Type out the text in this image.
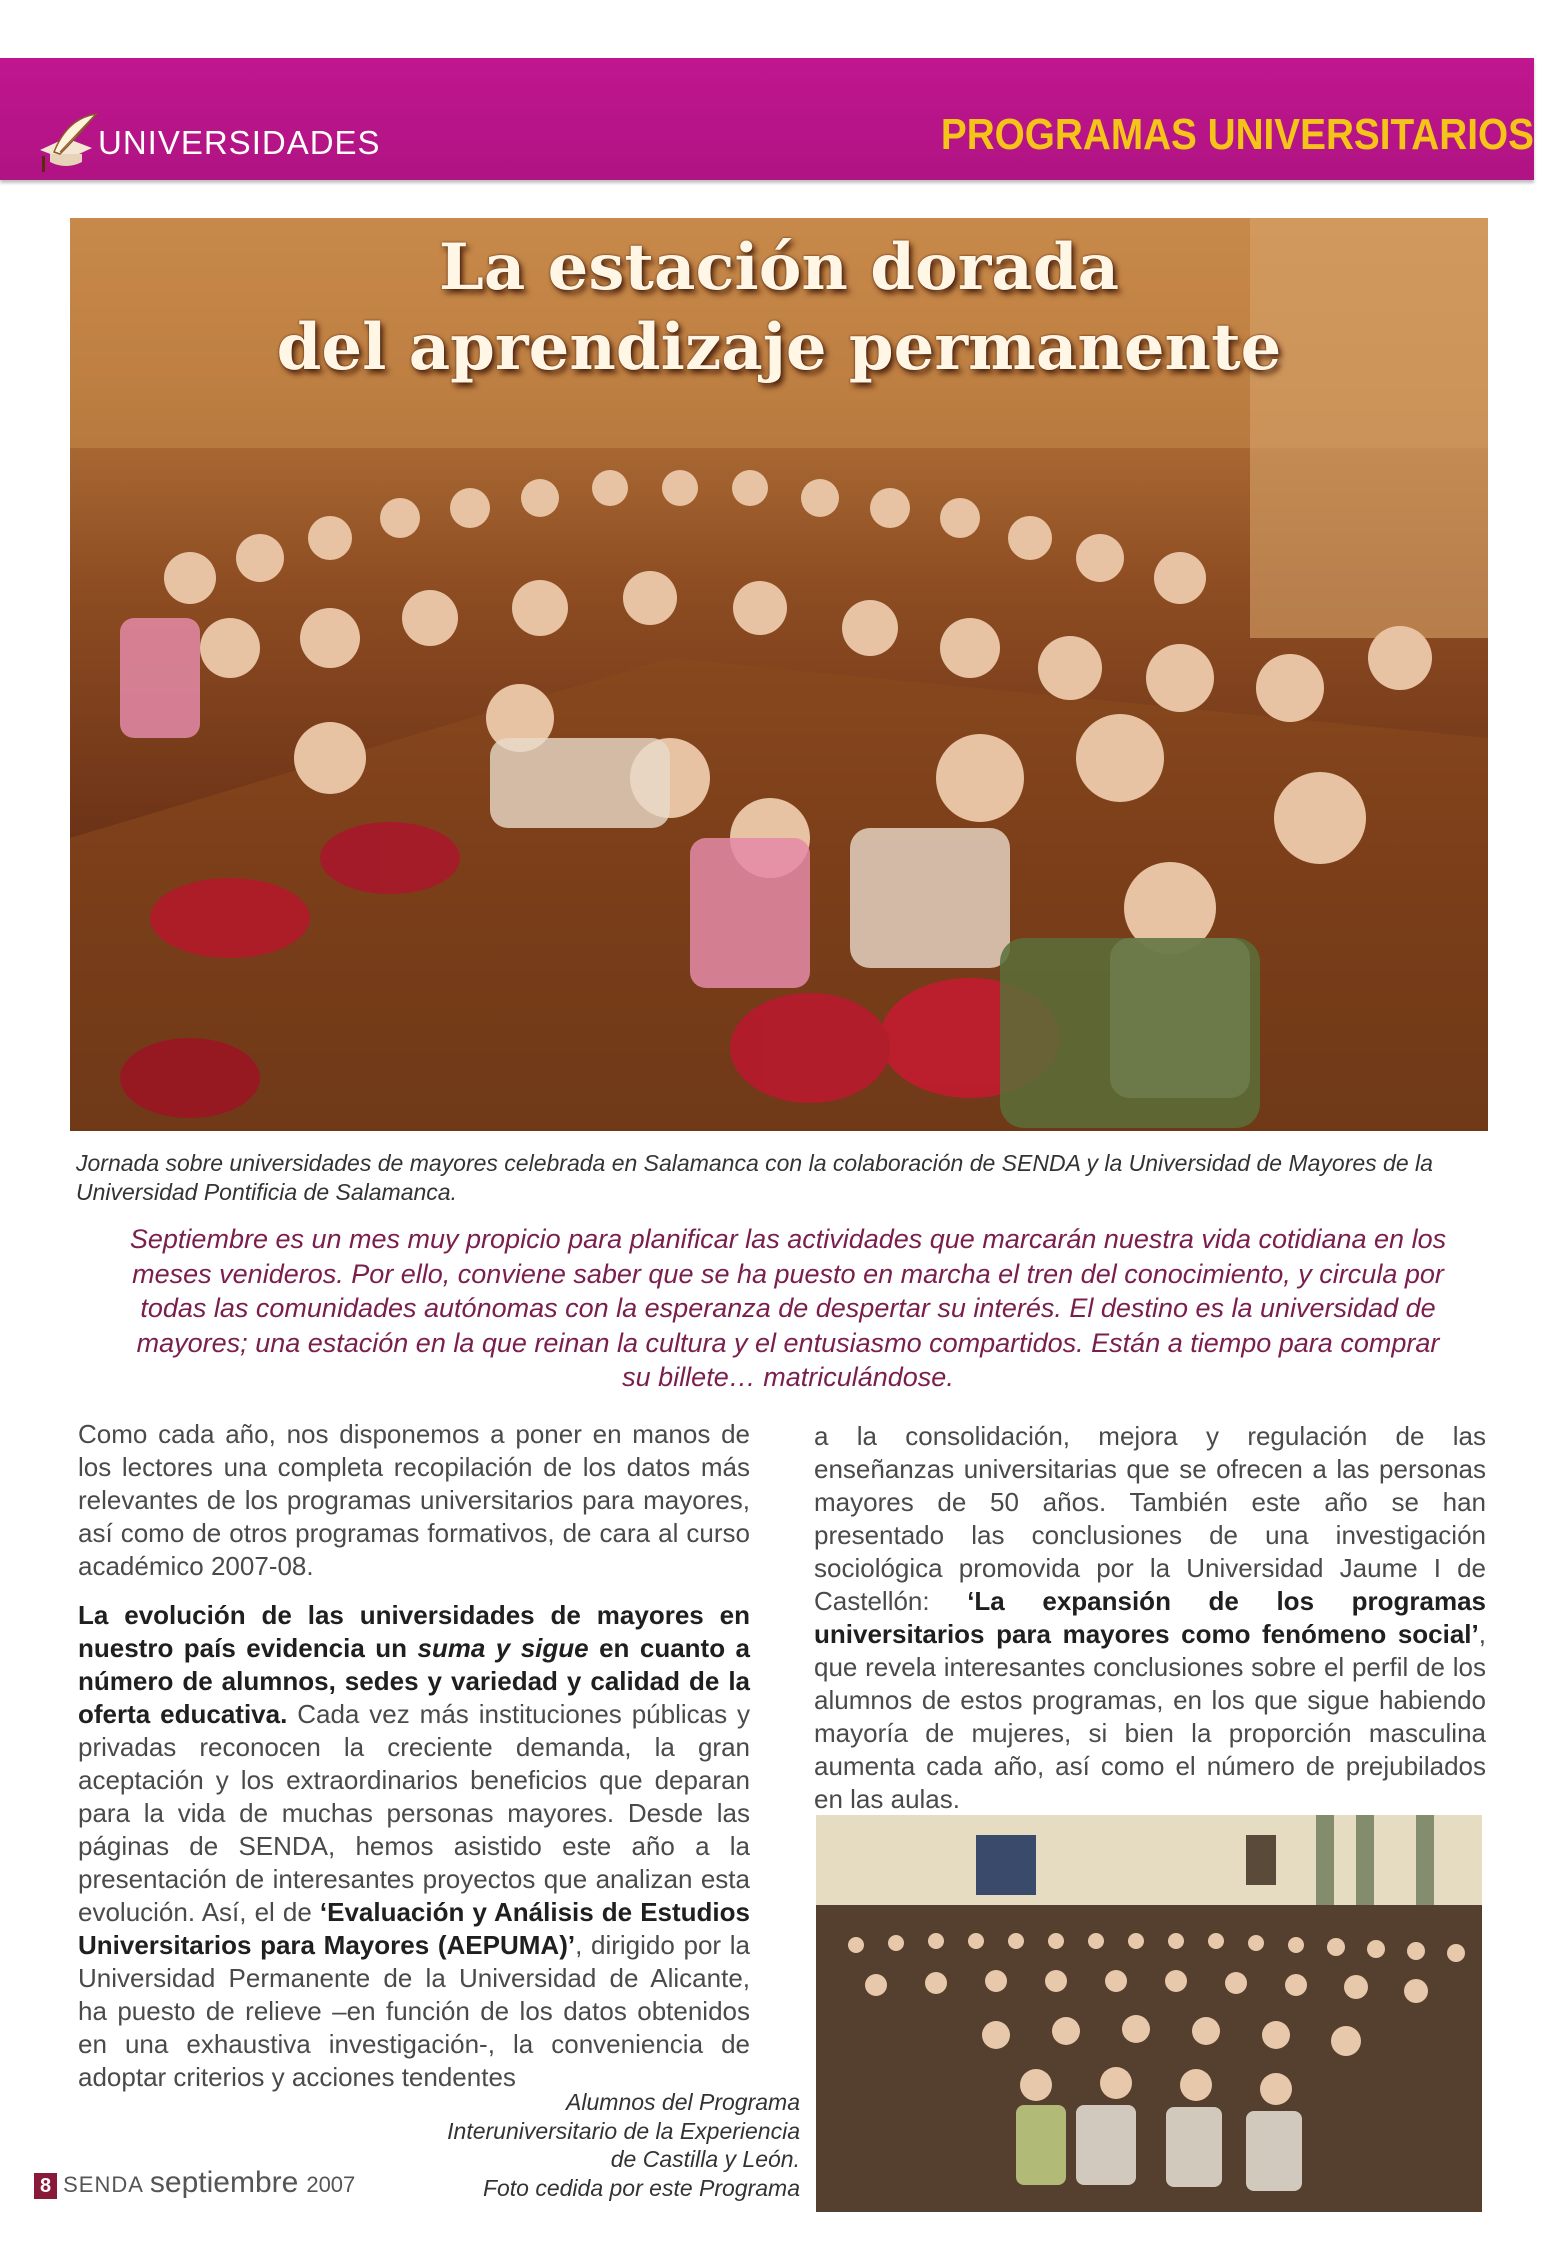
UNIVERSIDADES	PROGRAMAS UNIVERSITARIOS
La estación dorada
del aprendizaje permanente
Jornada sobre universidades de mayores celebrada en Salamanca con la colaboración de SENDA y la Universidad de Mayores de la Universidad Pontificia de Salamanca.
Septiembre es un mes muy propicio para planificar las actividades que marcarán nuestra vida cotidiana en los meses venideros. Por ello, conviene saber que se ha puesto en marcha el tren del conocimiento, y circula por todas las comunidades autónomas con la esperanza de despertar su interés. El destino es la universidad de mayores; una estación en la que reinan la cultura y el entusiasmo compartidos. Están a tiempo para comprar su billete… matriculándose.

Como cada año, nos disponemos a poner en manos de los lectores una completa recopilación de los datos más relevantes de los programas universitarios para mayores, así como de otros programas formativos, de cara al curso académico 2007-08.

La evolución de las universidades de mayores en nuestro país evidencia un suma y sigue en cuanto a número de alumnos, sedes y variedad y calidad de la oferta educativa. Cada vez más instituciones públicas y privadas reconocen la creciente demanda, la gran aceptación y los extraordinarios beneficios que deparan para la vida de muchas personas mayores. Desde las páginas de SENDA, hemos asistido este año a la presentación de interesantes proyectos que analizan esta evolución. Así, el de ‘Evaluación y Análisis de Estudios Universitarios para Mayores (AEPUMA)’, dirigido por la Universidad Permanente de la Universidad de Alicante, ha puesto de relieve –en función de los datos obtenidos en una exhaustiva investigación-, la conveniencia de adoptar criterios y acciones tendentes

a la consolidación, mejora y regulación de las enseñanzas universitarias que se ofrecen a las personas mayores de 50 años. También este año se han presentado las conclusiones de una investigación sociológica promovida por la Universidad Jaume I de Castellón: ‘La expansión de los programas universitarios para mayores como fenómeno social’, que revela interesantes conclusiones sobre el perfil de los alumnos de estos programas, en los que sigue habiendo mayoría de mujeres, si bien la proporción masculina aumenta cada año, así como el número de prejubilados en las aulas.

Alumnos del Programa
Interuniversitario de la Experiencia
de Castilla y León.
Foto cedida por este Programa
8 SENDA septiembre 2007
